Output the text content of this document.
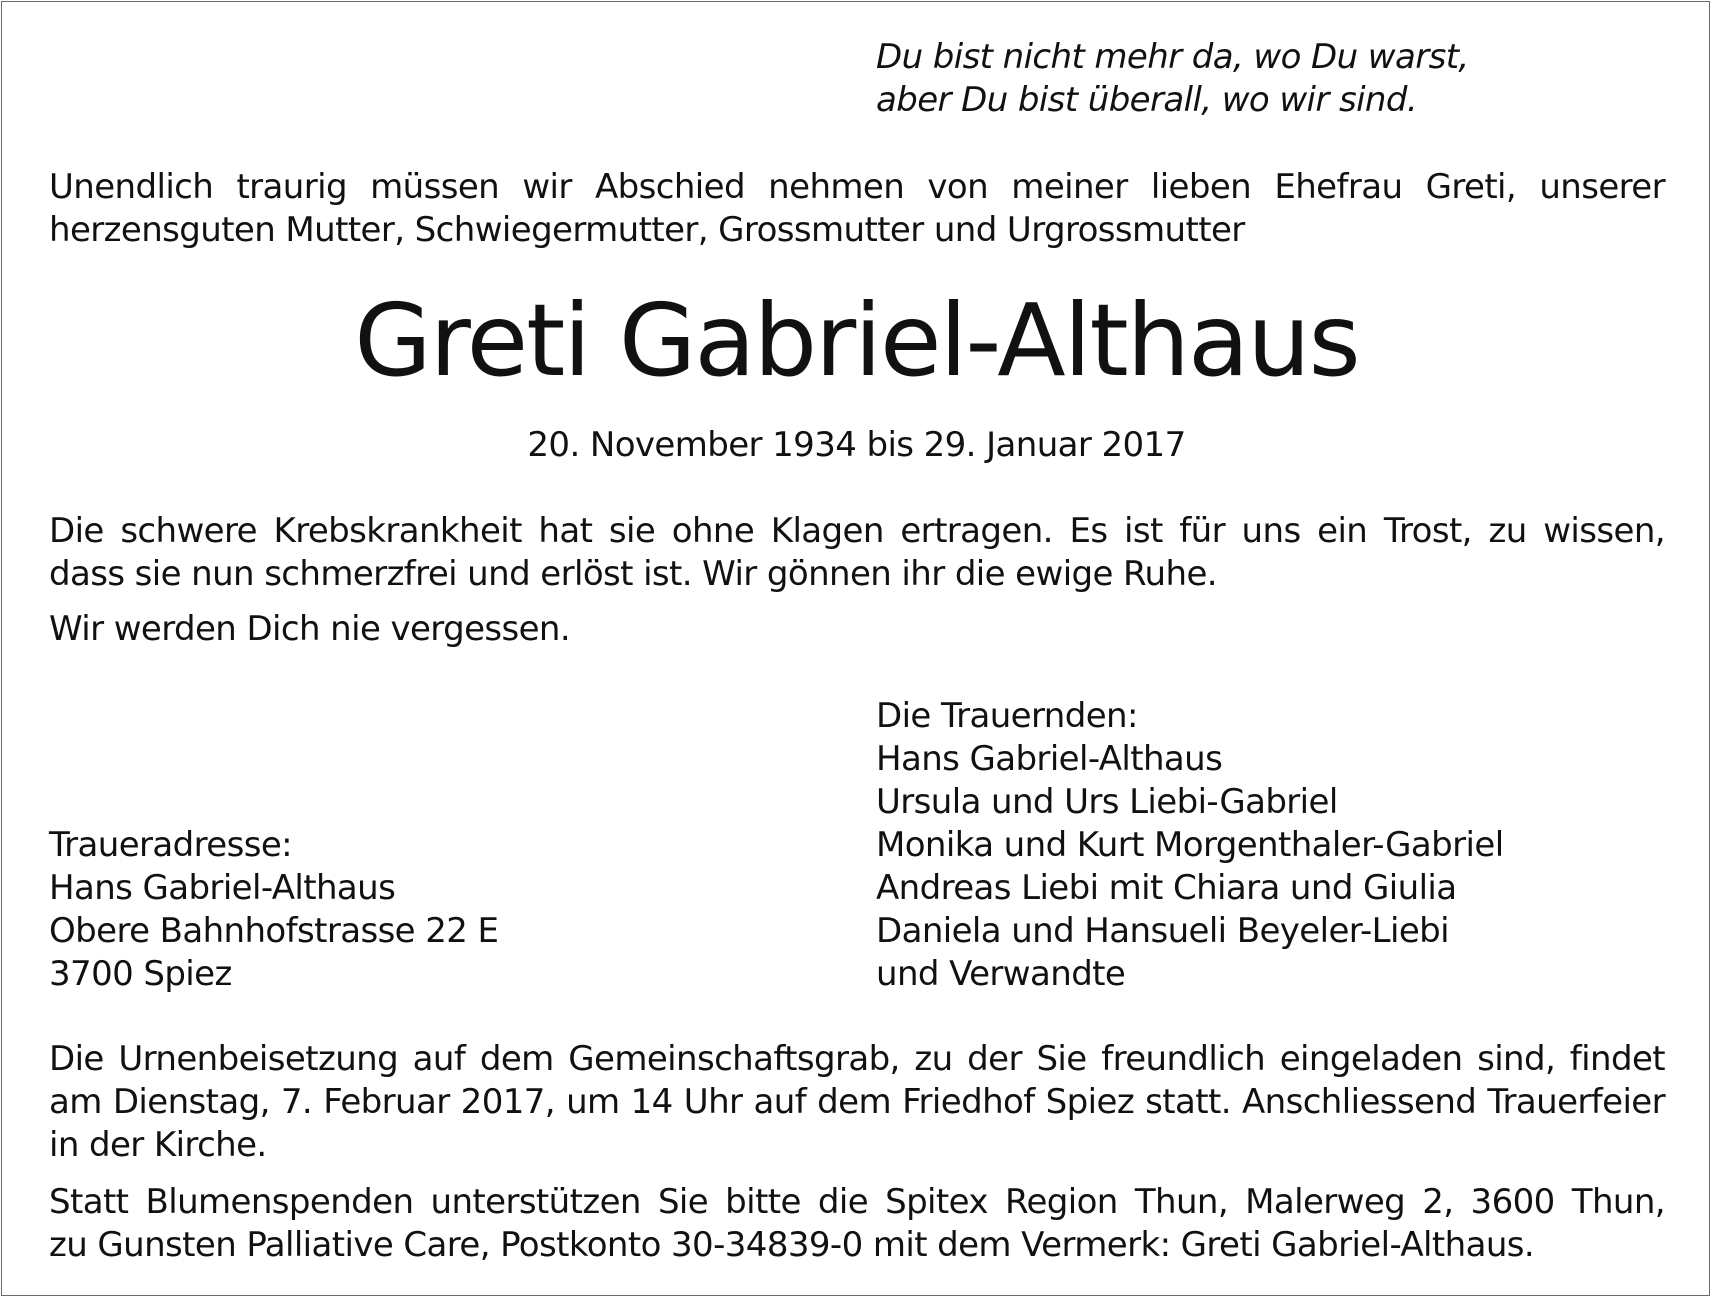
Du bist nicht mehr da, wo Du warst,
aber Du bist überall, wo wir sind.
Unendlich traurig müssen wir Abschied nehmen von meiner lieben Ehefrau Greti, unserer
herzensguten Mutter, Schwiegermutter, Grossmutter und Urgrossmutter
Greti Gabriel-Althaus
20. November 1934 bis 29. Januar 2017
Die schwere Krebskrankheit hat sie ohne Klagen ertragen. Es ist für uns ein Trost, zu wissen,
dass sie nun schmerzfrei und erlöst ist. Wir gönnen ihr die ewige Ruhe.
Wir werden Dich nie vergessen.
Die Trauernden:
Hans Gabriel-Althaus
Ursula und Urs Liebi-Gabriel
Monika und Kurt Morgenthaler-Gabriel
Andreas Liebi mit Chiara und Giulia
Daniela und Hansueli Beyeler-Liebi
und Verwandte
Traueradresse:
Hans Gabriel-Althaus
Obere Bahnhofstrasse 22 E
3700 Spiez
Die Urnenbeisetzung auf dem Gemeinschaftsgrab, zu der Sie freundlich eingeladen sind, findet
am Dienstag, 7. Februar 2017, um 14 Uhr auf dem Friedhof Spiez statt. Anschliessend Trauerfeier
in der Kirche.
Statt Blumenspenden unterstützen Sie bitte die Spitex Region Thun, Malerweg 2, 3600 Thun,
zu Gunsten Palliative Care, Postkonto 30-34839-0 mit dem Vermerk: Greti Gabriel-Althaus.
